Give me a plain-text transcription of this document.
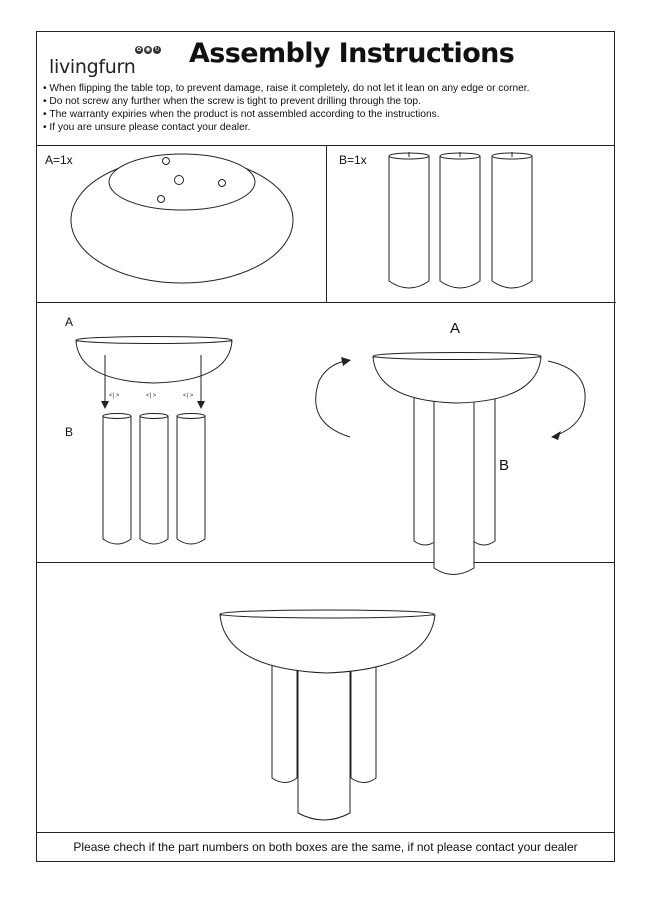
✿ ◉ ↻
livingfurn Assembly Instructions
• When flipping the table top, to prevent damage, raise it completely, do not let it lean on any edge or corner.
• Do not screw any further when the screw is tight to prevent drilling through the top.
• The warranty expiries when the product is not assembled according to the instructions.
• If you are unsure please contact your dealer.
A=1x	B=1x
A
B
A
B
<| >	<| >	<| >
Please chech if the part numbers on both boxes are the same, if not please contact your dealer
